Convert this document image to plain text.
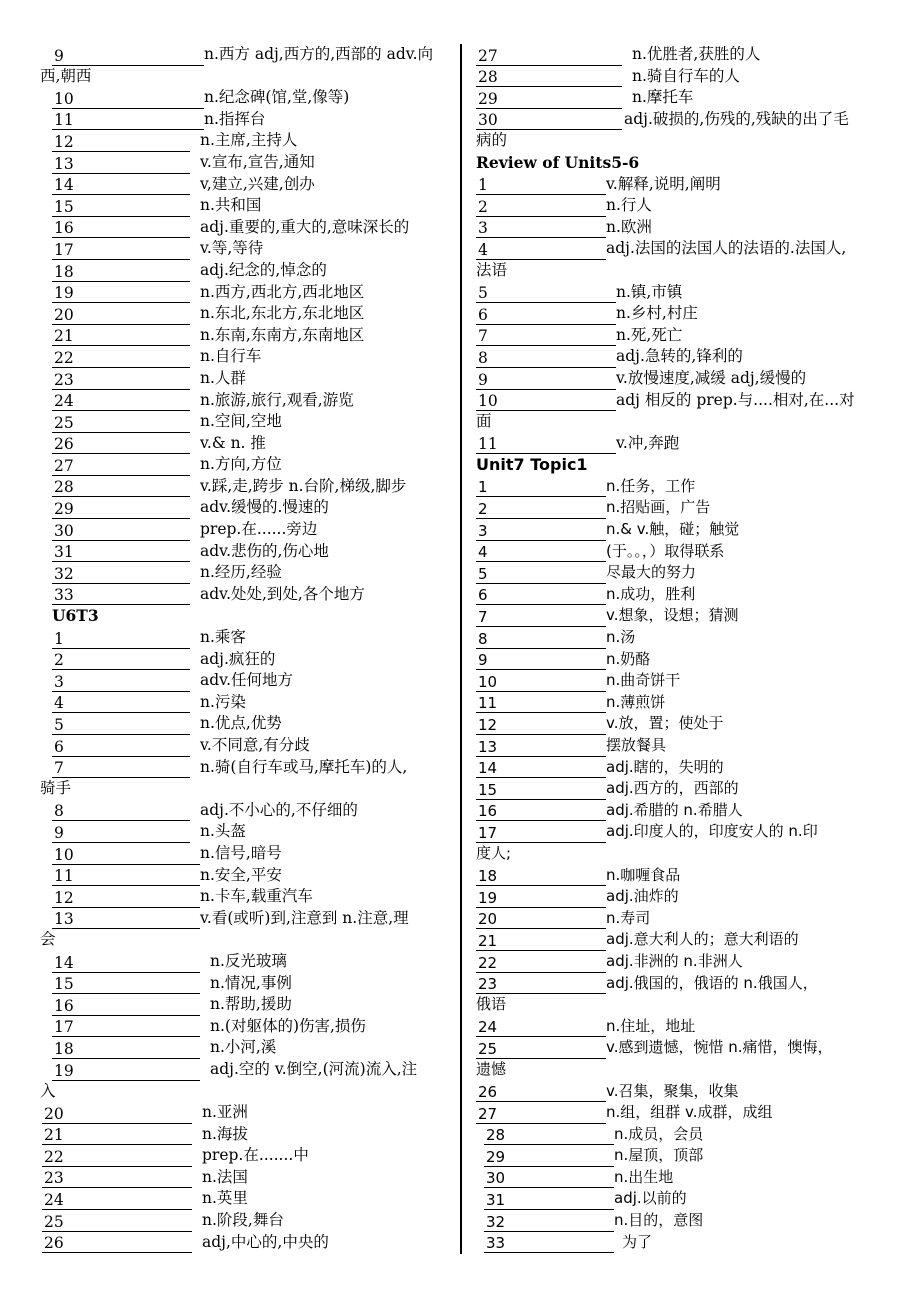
9	n.西方 adj,西方的,西部的 adv.向
西,朝西
10	n.纪念碑(馆,堂,像等)
11	n.指挥台
12	n.主席,主持人
13	v.宣布,宣告,通知
14	v,建立,兴建,创办
15	n.共和国
16	adj.重要的,重大的,意味深长的
17	v.等,等待
18	adj.纪念的,悼念的
19	n.西方,西北方,西北地区
20	n.东北,东北方,东北地区
21	n.东南,东南方,东南地区
22	n.自行车
23	n.人群
24	n.旅游,旅行,观看,游览
25	n.空间,空地
26	v.& n. 推
27	n.方向,方位
28	v.踩,走,跨步 n.台阶,梯级,脚步
29	adv.缓慢的.慢速的
30	prep.在......旁边
31	adv.悲伤的,伤心地
32	n.经历,经验
33	adv.处处,到处,各个地方
U6T3
1	n.乘客
2	adj.疯狂的
3	adv.任何地方
4	n.污染
5	n.优点,优势
6	v.不同意,有分歧
7	n.骑(自行车或马,摩托车)的人,
骑手
8	adj.不小心的,不仔细的
9	n.头盔
10	n.信号,暗号
11	n.安全,平安
12	n.卡车,载重汽车
13	v.看(或听)到,注意到 n.注意,理
会
14	n.反光玻璃
15	n.情况,事例
16	n.帮助,援助
17	n.(对躯体的)伤害,损伤
18	n.小河,溪
19	adj.空的 v.倒空,(河流)流入,注
入
20	n.亚洲
21	n.海拔
22	prep.在.......中
23	n.法国
24	n.英里
25	n.阶段,舞台
26	adj,中心的,中央的
27	n.优胜者,获胜的人
28	n.骑自行车的人
29	n.摩托车
30	adj.破损的,伤残的,残缺的出了毛
病的
Review of Units5-6
1	v.解释,说明,阐明
2	n.行人
3	n.欧洲
4	adj.法国的法国人的法语的.法国人,
法语
5	n.镇,市镇
6	n.乡村,村庄
7	n.死,死亡
8	adj.急转的,锋利的
9	v.放慢速度,减缓 adj,缓慢的
10	adj 相反的 prep.与....相对,在...对
面
11	v.冲,奔跑
Unit7 Topic1
1	n.任务，工作
2	n.招贴画，广告
3	n.& v.触，碰；触觉
4	(于。。，）取得联系
5	尽最大的努力
6	n.成功，胜利
7	v.想象，设想；猜测
8	n.汤
9	n.奶酪
10	n.曲奇饼干
11	n.薄煎饼
12	v.放，置；使处于
13	摆放餐具
14	adj.瞎的，失明的
15	adj.西方的，西部的
16	adj.希腊的 n.希腊人
17	adj.印度人的，印度安人的 n.印
度人;
18	n.咖喱食品
19	adj.油炸的
20	n.寿司
21	adj.意大利人的；意大利语的
22	adj.非洲的 n.非洲人
23	adj.俄国的，俄语的 n.俄国人，
俄语
24	n.住址，地址
25	v.感到遗憾，惋惜 n.痛惜，懊悔，
遗憾
26	v.召集，聚集，收集
27	n.组，组群 v.成群，成组
28	n.成员，会员
29	n.屋顶，顶部
30	n.出生地
31	adj.以前的
32	n.目的，意图
33	为了
